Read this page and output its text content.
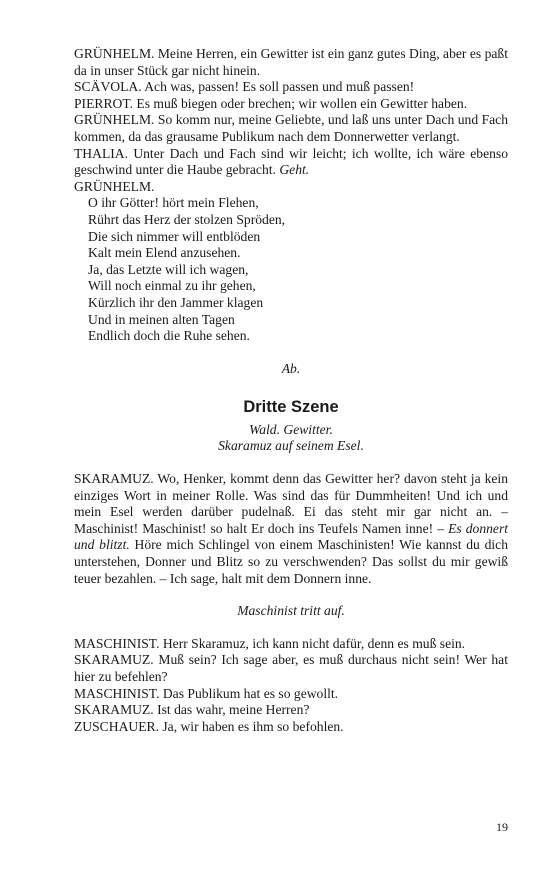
GRÜNHELM. Meine Herren, ein Gewitter ist ein ganz gutes Ding, aber es paßt da in unser Stück gar nicht hinein.

SCÄVOLA. Ach was, passen! Es soll passen und muß passen!

PIERROT. Es muß biegen oder brechen; wir wollen ein Gewitter haben.

GRÜNHELM. So komm nur, meine Geliebte, und laß uns unter Dach und Fach kommen, da das grausame Publikum nach dem Donnerwetter verlangt.

THALIA. Unter Dach und Fach sind wir leicht; ich wollte, ich wäre ebenso geschwind unter die Haube gebracht. Geht.

GRÜNHELM.

O ihr Götter! hört mein Flehen,
Rührt das Herz der stolzen Spröden,
Die sich nimmer will entblöden
Kalt mein Elend anzusehen.
Ja, das Letzte will ich wagen,
Will noch einmal zu ihr gehen,
Kürzlich ihr den Jammer klagen
Und in meinen alten Tagen
Endlich doch die Ruhe sehen.

Ab.

Dritte Szene

Wald. Gewitter.

Skaramuz auf seinem Esel.

SKARAMUZ. Wo, Henker, kommt denn das Gewitter her? davon steht ja kein einziges Wort in meiner Rolle. Was sind das für Dummheiten! Und ich und mein Esel werden darüber pudelnaß. Ei das steht mir gar nicht an. – Maschinist! Maschinist! so halt Er doch ins Teufels Namen inne! – Es donnert und blitzt. Höre mich Schlingel von einem Maschinisten! Wie kannst du dich unterstehen, Donner und Blitz so zu verschwenden? Das sollst du mir gewiß teuer bezahlen. – Ich sage, halt mit dem Donnern inne.

Maschinist tritt auf.

MASCHINIST. Herr Skaramuz, ich kann nicht dafür, denn es muß sein.

SKARAMUZ. Muß sein? Ich sage aber, es muß durchaus nicht sein! Wer hat hier zu befehlen?

MASCHINIST. Das Publikum hat es so gewollt.

SKARAMUZ. Ist das wahr, meine Herren?

ZUSCHAUER. Ja, wir haben es ihm so befohlen.

19
